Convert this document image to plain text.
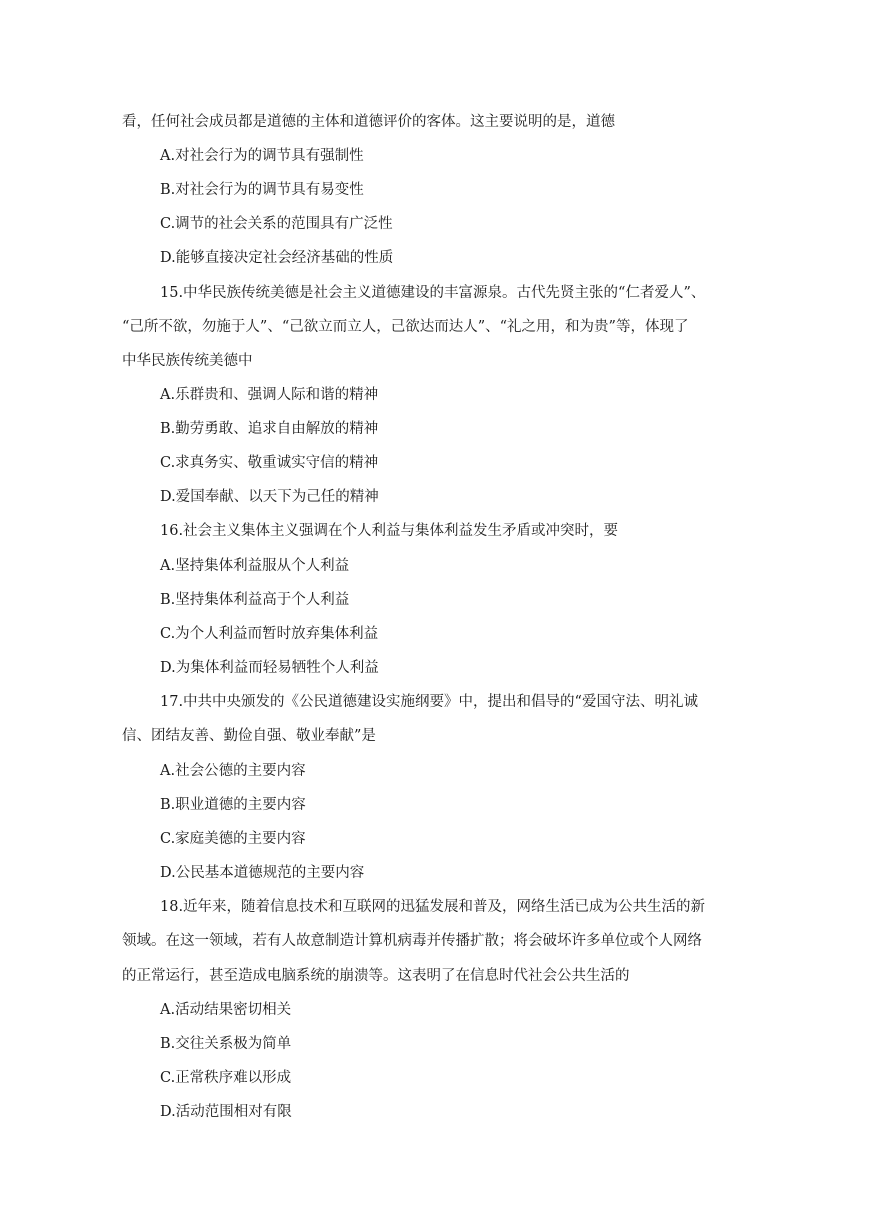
看，任何社会成员都是道德的主体和道德评价的客体。这主要说明的是，道德
A.对社会行为的调节具有强制性
B.对社会行为的调节具有易变性
C.调节的社会关系的范围具有广泛性
D.能够直接决定社会经济基础的性质
15.中华民族传统美德是社会主义道德建设的丰富源泉。古代先贤主张的“仁者爱人”、
“己所不欲，勿施于人”、“己欲立而立人，己欲达而达人”、“礼之用，和为贵”等，体现了
中华民族传统美德中
A.乐群贵和、强调人际和谐的精神
B.勤劳勇敢、追求自由解放的精神
C.求真务实、敬重诚实守信的精神
D.爱国奉献、以天下为己任的精神
16.社会主义集体主义强调在个人利益与集体利益发生矛盾或冲突时，要
A.坚持集体利益服从个人利益
B.坚持集体利益高于个人利益
C.为个人利益而暂时放弃集体利益
D.为集体利益而轻易牺牲个人利益
17.中共中央颁发的《公民道德建设实施纲要》中，提出和倡导的“爱国守法、明礼诚
信、团结友善、勤俭自强、敬业奉献”是
A.社会公德的主要内容
B.职业道德的主要内容
C.家庭美德的主要内容
D.公民基本道德规范的主要内容
18.近年来，随着信息技术和互联网的迅猛发展和普及，网络生活已成为公共生活的新
领域。在这一领域，若有人故意制造计算机病毒并传播扩散；将会破坏许多单位或个人网络
的正常运行，甚至造成电脑系统的崩溃等。这表明了在信息时代社会公共生活的
A.活动结果密切相关
B.交往关系极为简单
C.正常秩序难以形成
D.活动范围相对有限
